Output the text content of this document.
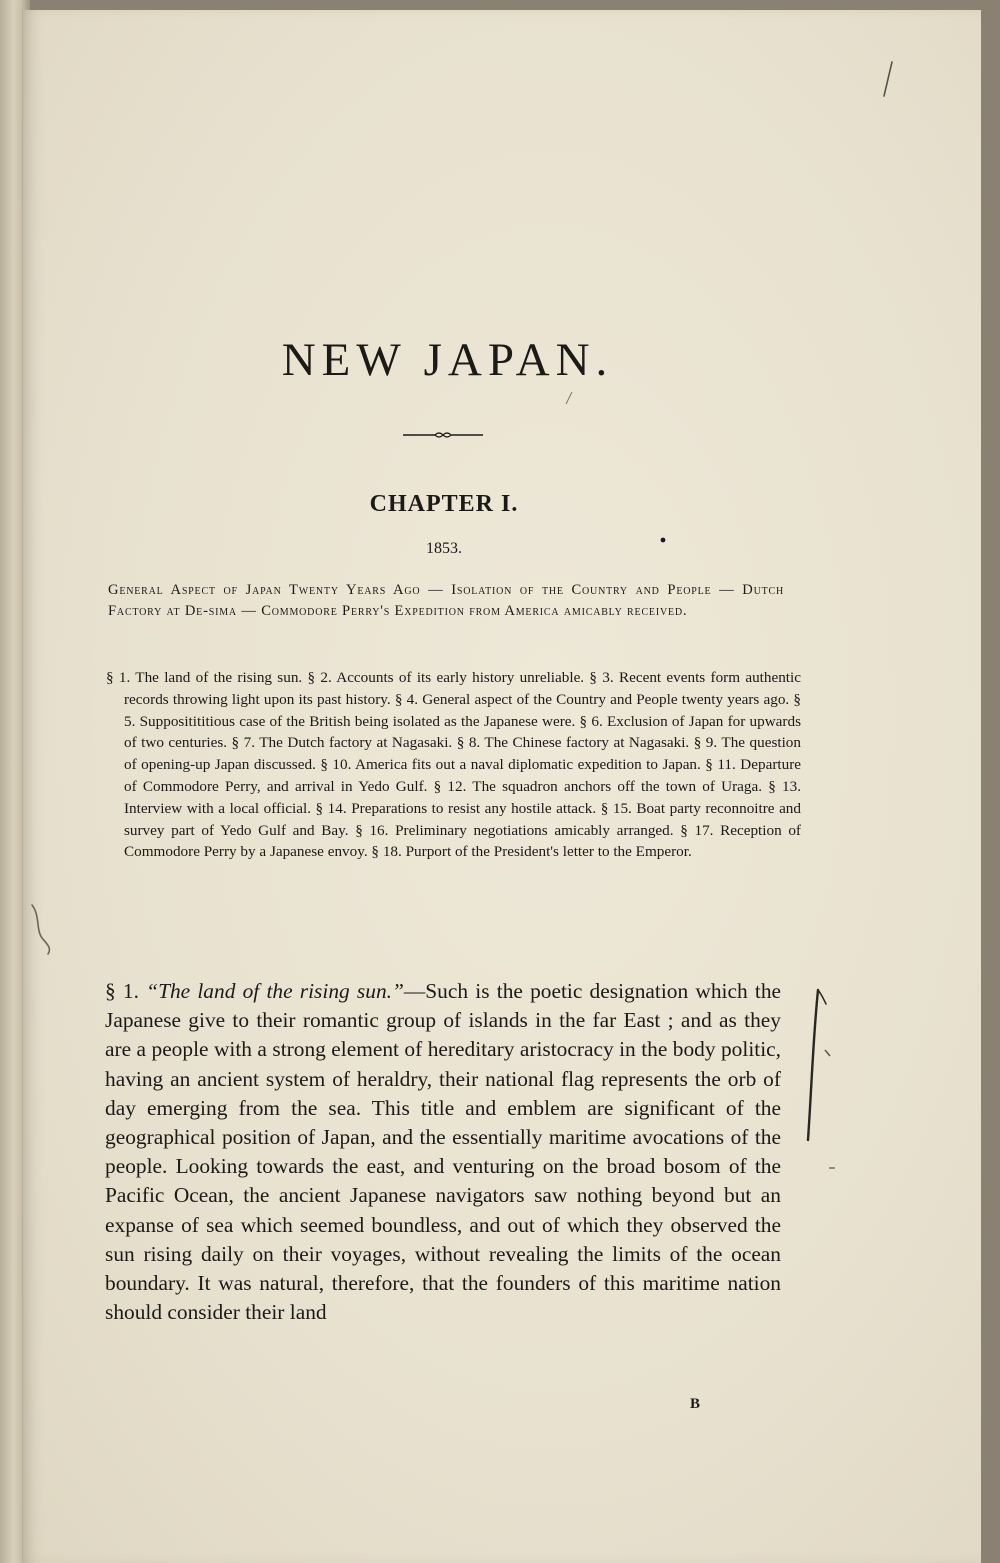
NEW JAPAN.
CHAPTER I.
1853.

General Aspect of Japan Twenty Years Ago — Isolation of the Country and People — Dutch Factory at De-sima — Commodore Perry's Expedition from America amicably received.

§ 1. The land of the rising sun. § 2. Accounts of its early history unreliable. § 3. Recent events form authentic records throwing light upon its past history. § 4. General aspect of the Country and People twenty years ago. § 5. Suppositititious case of the British being isolated as the Japanese were. § 6. Exclusion of Japan for upwards of two centuries. § 7. The Dutch factory at Nagasaki. § 8. The Chinese factory at Nagasaki. § 9. The question of opening-up Japan discussed. § 10. America fits out a naval diplomatic expedition to Japan. § 11. Departure of Commodore Perry, and arrival in Yedo Gulf. § 12. The squadron anchors off the town of Uraga. § 13. Interview with a local official. § 14. Preparations to resist any hostile attack. § 15. Boat party reconnoitre and survey part of Yedo Gulf and Bay. § 16. Preliminary negotiations amicably arranged. § 17. Reception of Commodore Perry by a Japanese envoy. § 18. Purport of the President's letter to the Emperor.

§ 1. “The land of the rising sun.”—Such is the poetic designation which the Japanese give to their romantic group of islands in the far East ; and as they are a people with a strong element of hereditary aristocracy in the body politic, having an ancient system of heraldry, their national flag represents the orb of day emerging from the sea. This title and emblem are significant of the geographical position of Japan, and the essentially maritime avocations of the people. Looking towards the east, and venturing on the broad bosom of the Pacific Ocean, the ancient Japanese navigators saw nothing beyond but an expanse of sea which seemed boundless, and out of which they observed the sun rising daily on their voyages, without revealing the limits of the ocean boundary. It was natural, therefore, that the founders of this maritime nation should consider their land

B
